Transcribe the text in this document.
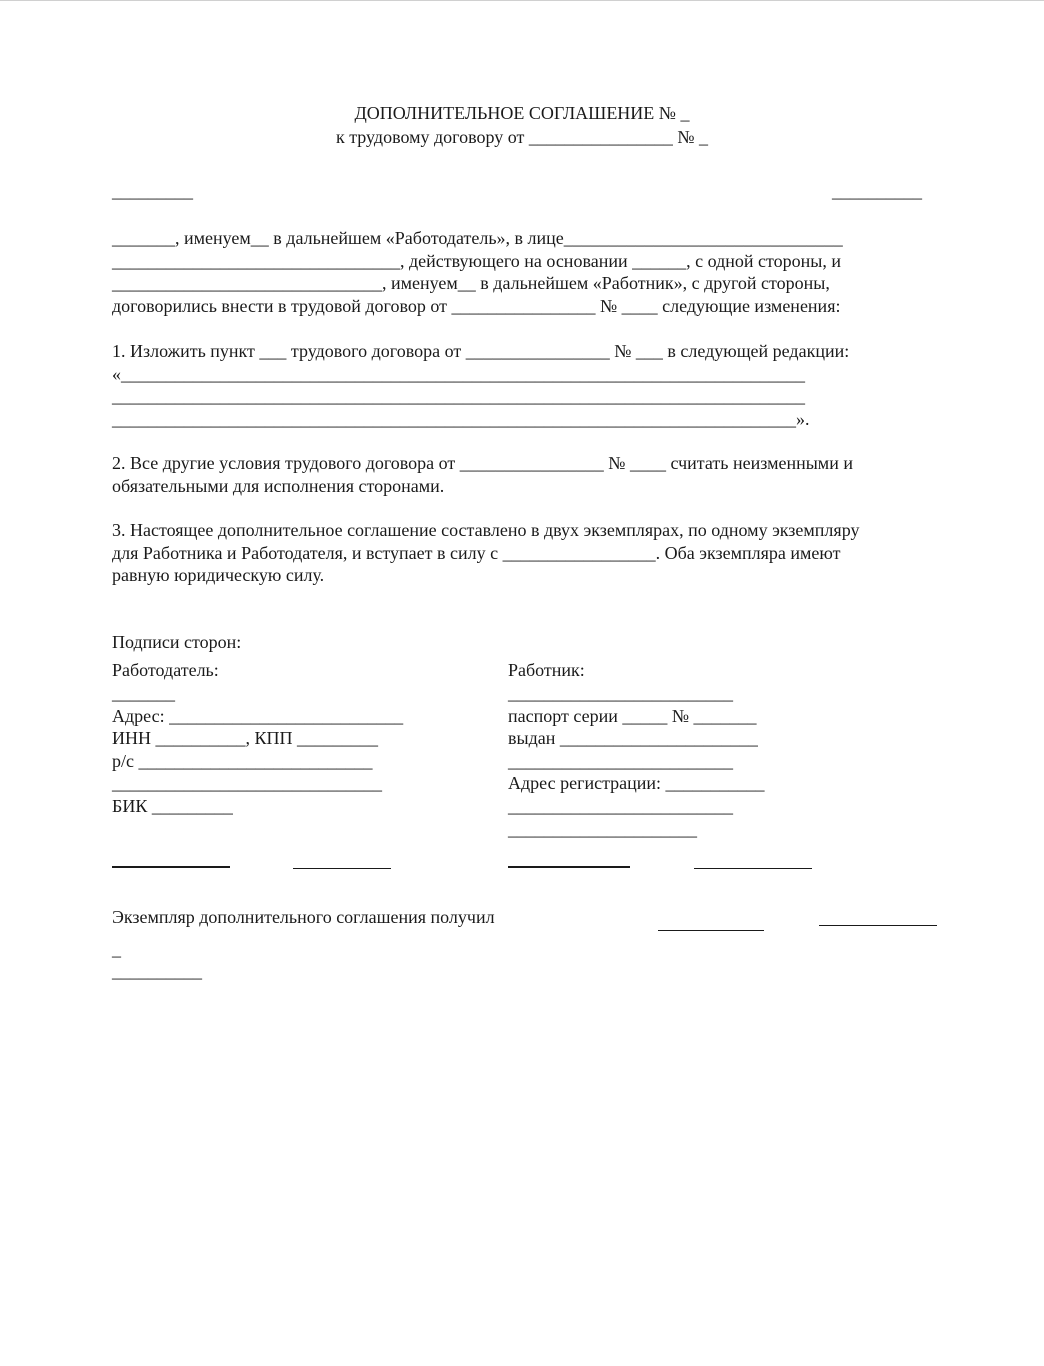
ДОПОЛНИТЕЛЬНОЕ СОГЛАШЕНИЕ № _
к трудовому договору от ________________ № _
_________	__________
_______, именуем__ в дальнейшем «Работодатель», в лице_______________________________
________________________________, действующего на основании ______, с одной стороны, и
______________________________, именуем__ в дальнейшем «Работник», с другой стороны,
договорились внести в трудовой договор от ________________ № ____ следующие изменения:
1. Изложить пункт ___ трудового договора от ________________ № ___ в следующей редакции:
«____________________________________________________________________________
_____________________________________________________________________________
____________________________________________________________________________».
2. Все другие условия трудового договора от ________________ № ____ считать неизменными и
обязательными для исполнения сторонами.
3. Настоящее дополнительное соглашение составлено в двух экземплярах, по одному экземпляру
для Работника и Работодателя, и вступает в силу с _________________. Оба экземпляра имеют
равную юридическую силу.
Подписи сторон:
Работодатель:
_______
Адрес: __________________________
ИНН __________, КПП _________
р/с __________________________
______________________________
БИК _________
Работник:
_________________________
паспорт серии _____ № _______
выдан ______________________
_________________________
Адрес регистрации: ___________
_________________________
_____________________
Экземпляр дополнительного соглашения получил
_
__________
